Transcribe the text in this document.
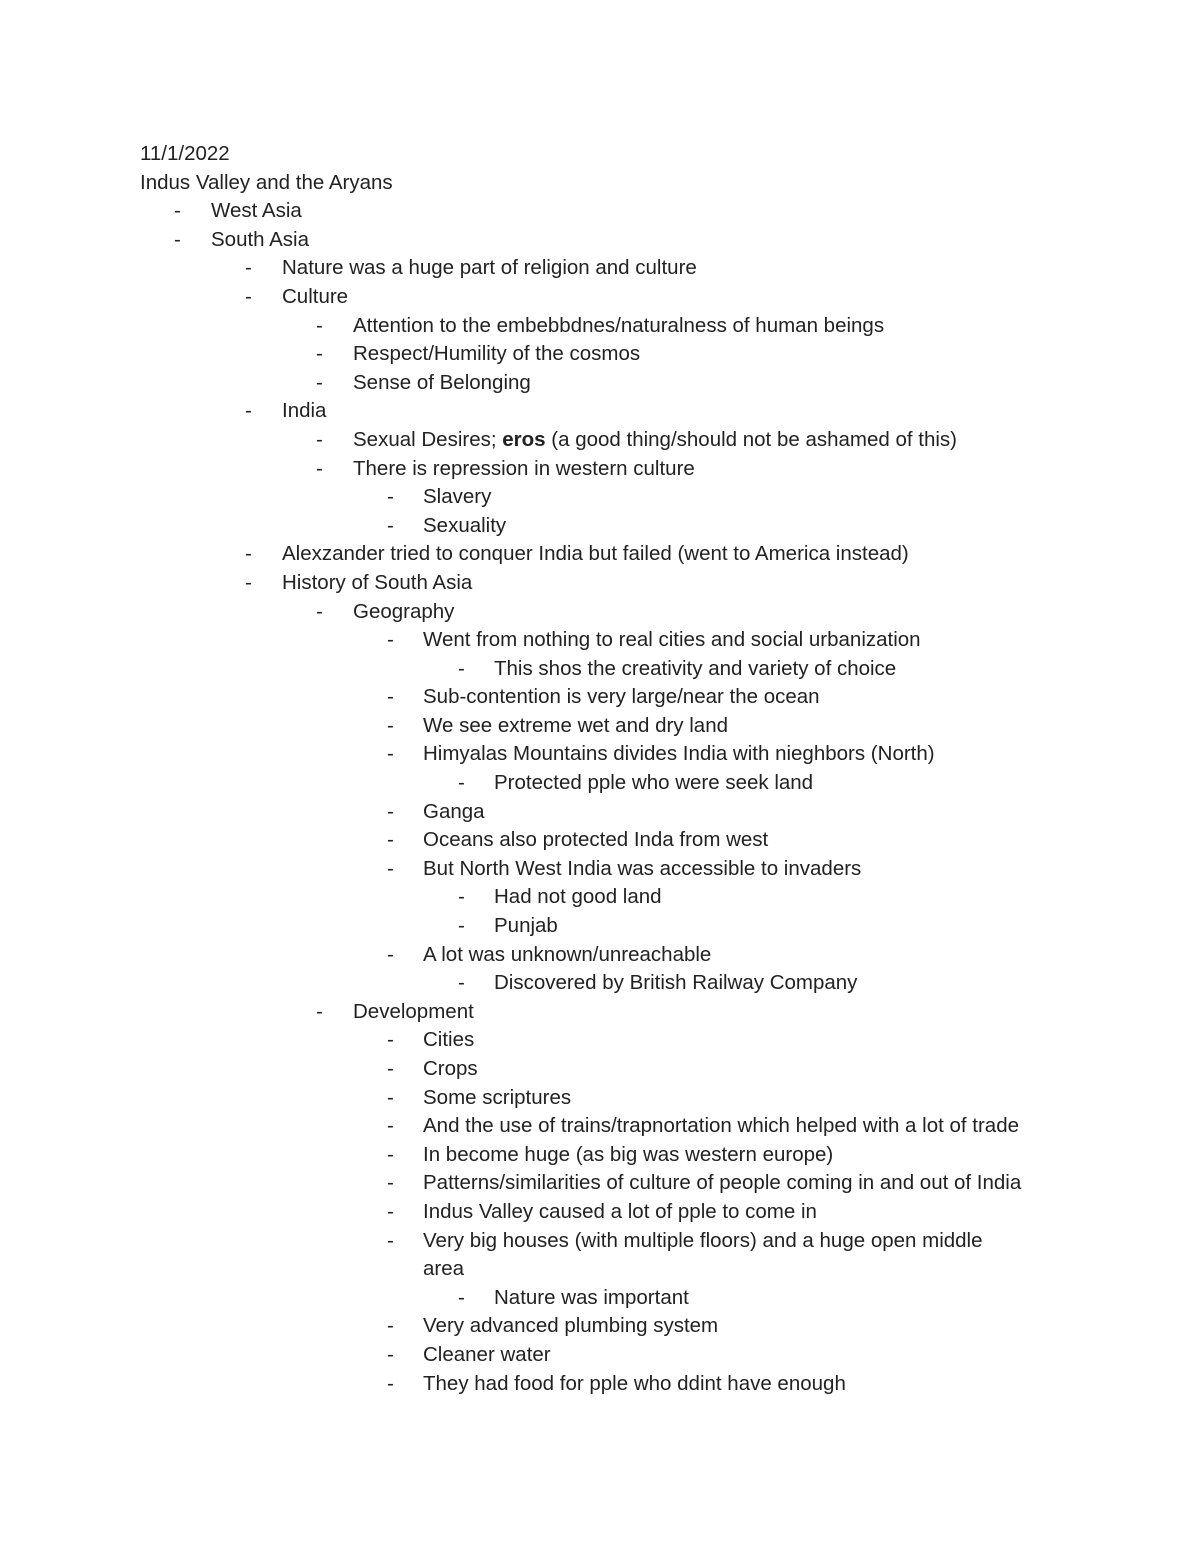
11/1/2022
Indus Valley and the Aryans
- West Asia
- South Asia
- Nature was a huge part of religion and culture
- Culture
- Attention to the embebbdnes/naturalness of human beings
- Respect/Humility of the cosmos
- Sense of Belonging
- India
- Sexual Desires; eros (a good thing/should not be ashamed of this)
- There is repression in western culture
- Slavery
- Sexuality
- Alexzander tried to conquer India but failed (went to America instead)
- History of South Asia
- Geography
- Went from nothing to real cities and social urbanization
- This shos the creativity and variety of choice
- Sub-contention is very large/near the ocean
- We see extreme wet and dry land
- Himyalas Mountains divides India with nieghbors (North)
- Protected pple who were seek land
- Ganga
- Oceans also protected Inda from west
- But North West India was accessible to invaders
- Had not good land
- Punjab
- A lot was unknown/unreachable
- Discovered by British Railway Company
- Development
- Cities
- Crops
- Some scriptures
- And the use of trains/trapnortation which helped with a lot of trade
- In become huge (as big was western europe)
- Patterns/similarities of culture of people coming in and out of India
- Indus Valley caused a lot of pple to come in
- Very big houses (with multiple floors) and a huge open middle
area
- Nature was important
- Very advanced plumbing system
- Cleaner water
- They had food for pple who ddint have enough
